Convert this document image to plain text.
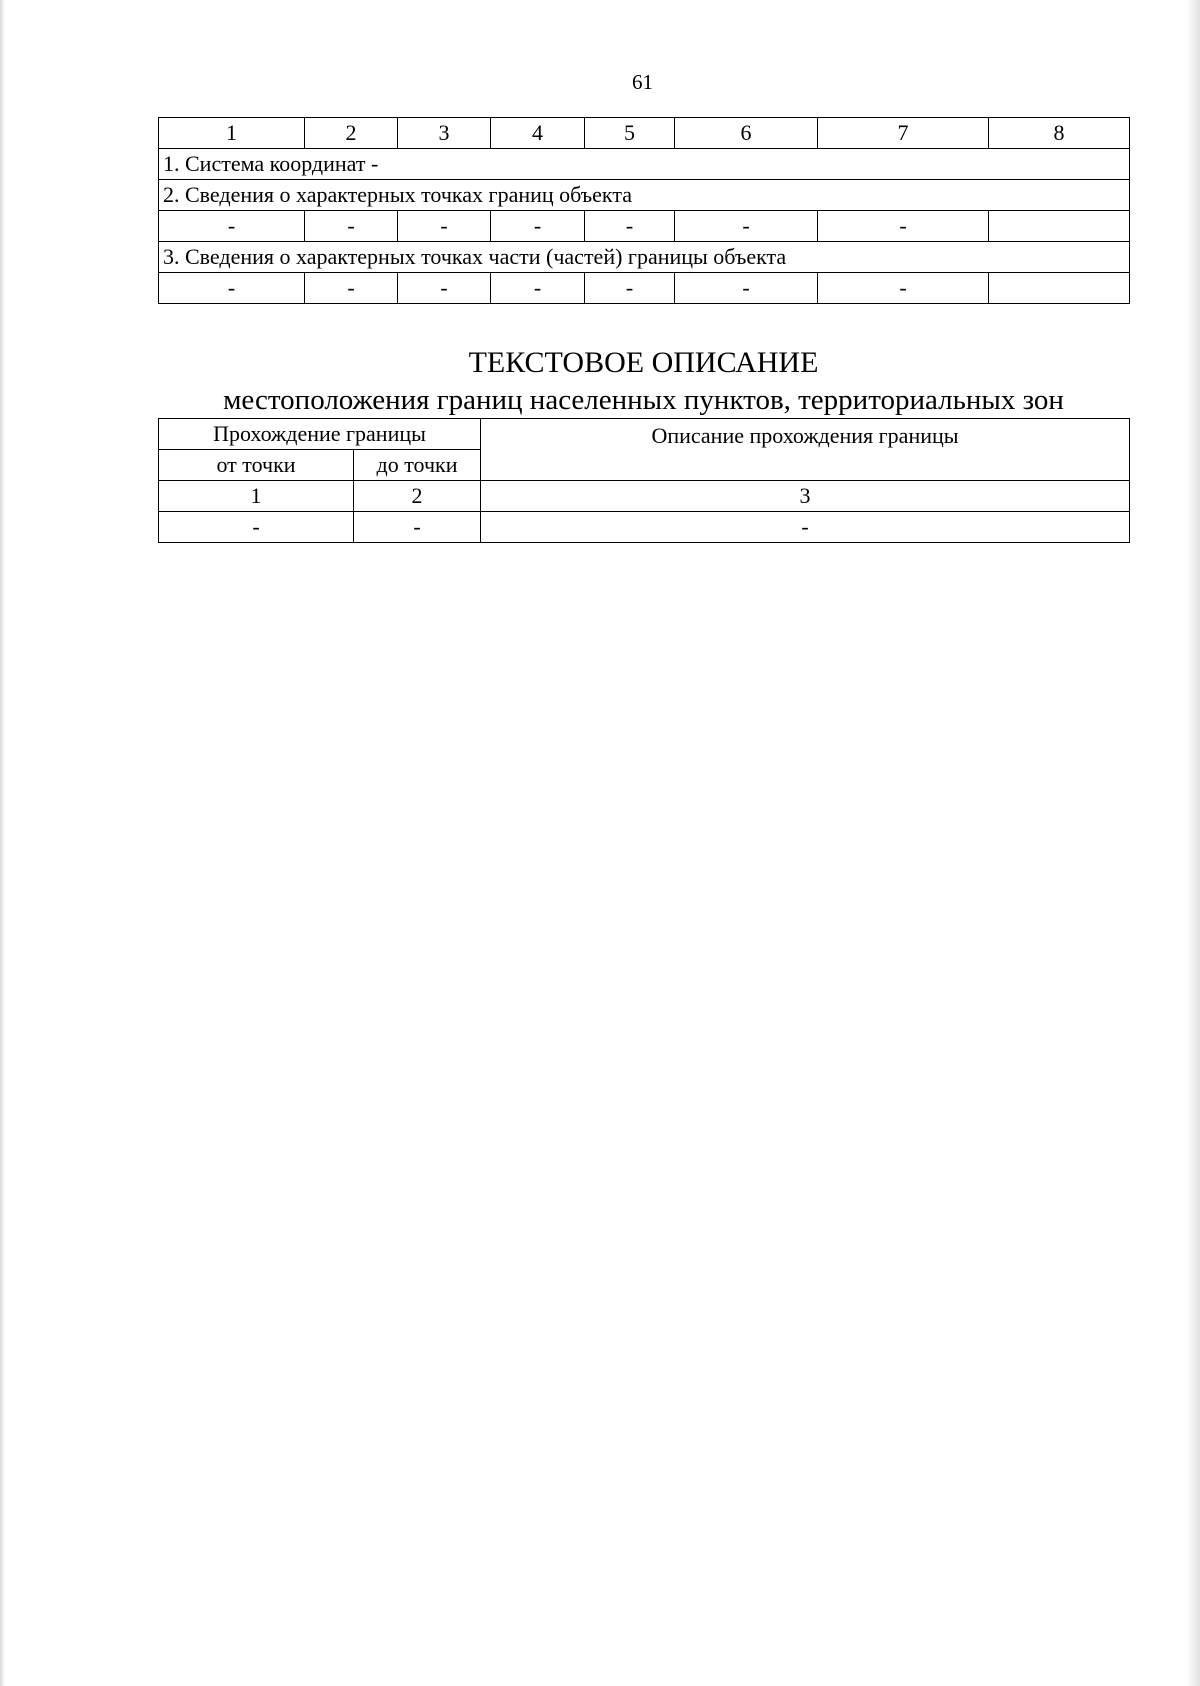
61
1	2	3	4	5	6	7	8
1. Система координат -							
2. Сведения о характерных точках границ объекта							
-	-	-	-	-	-	-	
3. Сведения о характерных точках части (частей) границы объекта							
-	-	-	-	-	-	-	
ТЕКСТОВОЕ ОПИСАНИЕ
местоположения границ населенных пунктов, территориальных зон
Прохождение границы		Описание прохождения границы
от точки	до точки	
1	2	3
-	-	-
